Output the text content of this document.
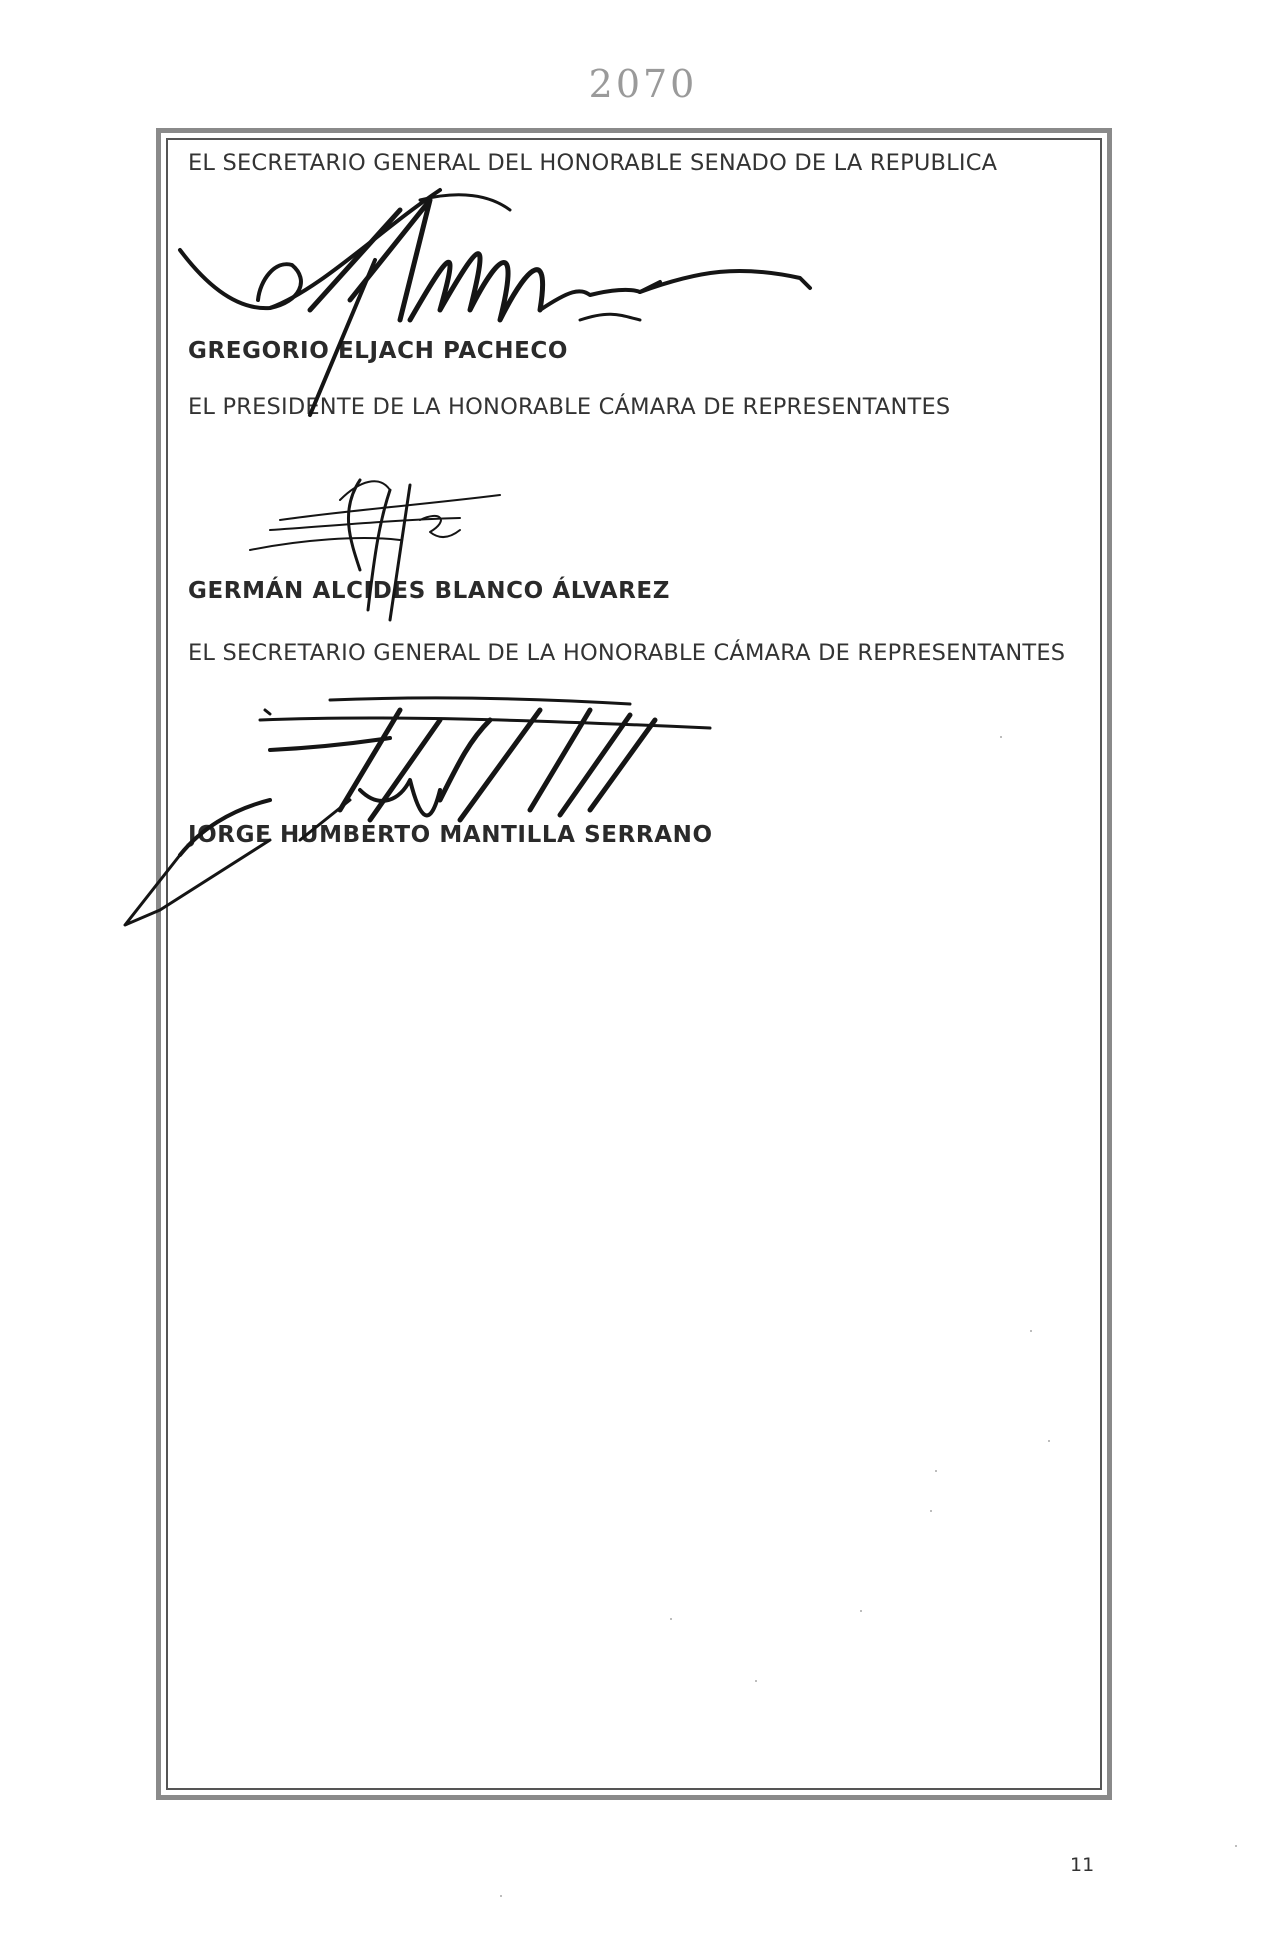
2070
EL SECRETARIO GENERAL DEL HONORABLE SENADO DE LA REPUBLICA
GREGORIO ELJACH PACHECO
EL PRESIDENTE DE LA HONORABLE CÁMARA DE REPRESENTANTES
GERMÁN ALCIDES BLANCO ÁLVAREZ
EL SECRETARIO GENERAL DE LA HONORABLE CÁMARA DE REPRESENTANTES
JORGE HUMBERTO MANTILLA SERRANO
11
